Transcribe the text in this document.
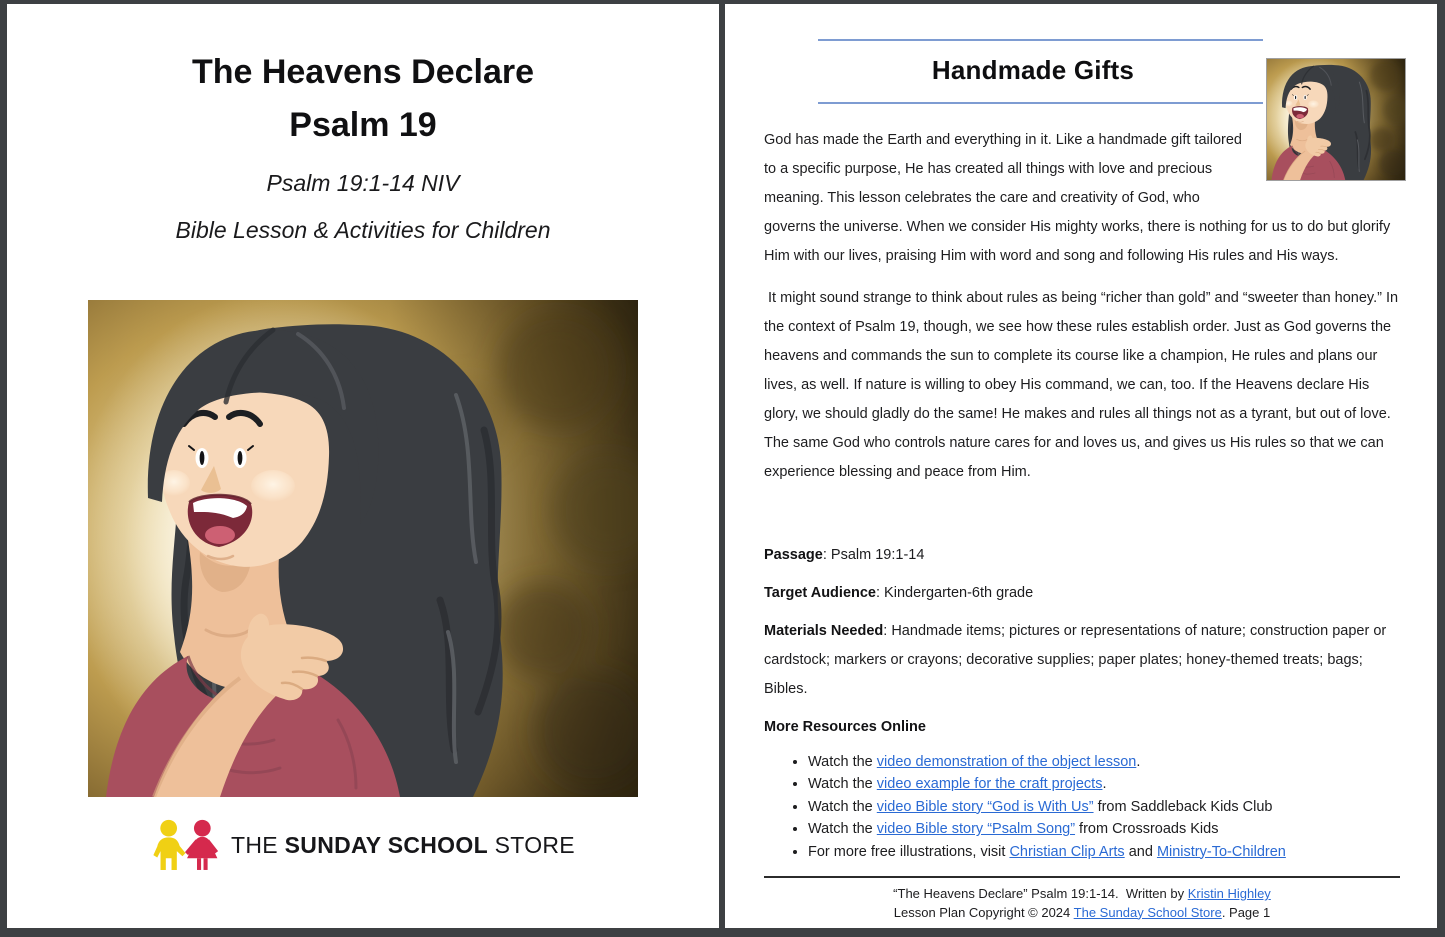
The Heavens Declare
Psalm 19
Psalm 19:1-14 NIV
Bible Lesson & Activities for Children
THE SUNDAY SCHOOL STORE
Handmade Gifts

God has made the Earth and everything in it. Like a handmade gift tailored to a specific purpose, He has created all things with love and precious meaning. This lesson celebrates the care and creativity of God, who governs the universe. When we consider His mighty works, there is nothing for us to do but glorify Him with our lives, praising Him with word and song and following His rules and His ways.

It might sound strange to think about rules as being “richer than gold” and “sweeter than honey.” In the context of Psalm 19, though, we see how these rules establish order. Just as God governs the heavens and commands the sun to complete its course like a champion, He rules and plans our lives, as well. If nature is willing to obey His command, we can, too. If the Heavens declare His glory, we should gladly do the same! He makes and rules all things not as a tyrant, but out of love. The same God who controls nature cares for and loves us, and gives us His rules so that we can experience blessing and peace from Him.

Passage: Psalm 19:1-14
Target Audience: Kindergarten-6th grade
Materials Needed: Handmade items; pictures or representations of nature; construction paper or cardstock; markers or crayons; decorative supplies; paper plates; honey-themed treats; bags; Bibles.
More Resources Online
• Watch the video demonstration of the object lesson.
• Watch the video example for the craft projects.
• Watch the video Bible story “God is With Us” from Saddleback Kids Club
• Watch the video Bible story “Psalm Song” from Crossroads Kids
• For more free illustrations, visit Christian Clip Arts and Ministry-To-Children
“The Heavens Declare” Psalm 19:1-14.  Written by Kristin Highley
Lesson Plan Copyright © 2024 The Sunday School Store. Page 1
